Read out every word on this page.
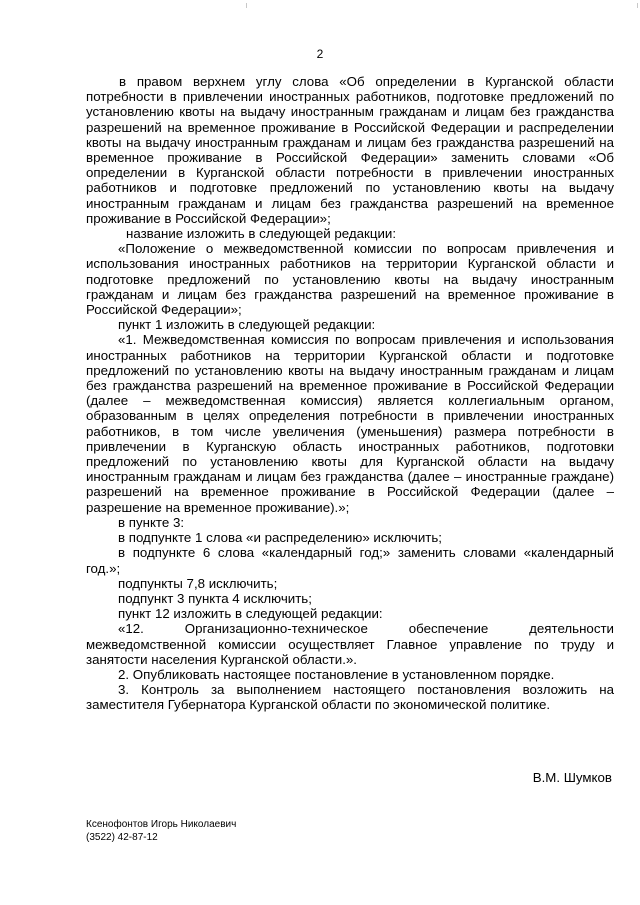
2

в правом верхнем углу слова «Об определении в Курганской области потребности в привлечении иностранных работников, подготовке предложений по установлению квоты на выдачу иностранным гражданам и лицам без гражданства разрешений на временное проживание в Российской Федерации и распределении квоты на выдачу иностранным гражданам и лицам без гражданства разрешений на временное проживание в Российской Федерации» заменить словами «Об определении в Курганской области потребности в привлечении иностранных работников и подготовке предложений по установлению квоты на выдачу иностранным гражданам и лицам без гражданства разрешений на временное проживание в Российской Федерации»;

название изложить в следующей редакции:

«Положение о межведомственной комиссии по вопросам привлечения и использования иностранных работников на территории Курганской области и подготовке предложений по установлению квоты на выдачу иностранным гражданам и лицам без гражданства разрешений на временное проживание в Российской Федерации»;

пункт 1 изложить в следующей редакции:

«1. Межведомственная комиссия по вопросам привлечения и использования иностранных работников на территории Курганской области и подготовке предложений по установлению квоты на выдачу иностранным гражданам и лицам без гражданства разрешений на временное проживание в Российской Федерации (далее – межведомственная комиссия) является коллегиальным органом, образованным в целях определения потребности в привлечении иностранных работников, в том числе увеличения (уменьшения) размера потребности в привлечении в Курганскую область иностранных работников, подготовки предложений по установлению квоты для Курганской области на выдачу иностранным гражданам и лицам без гражданства (далее – иностранные граждане) разрешений на временное проживание в Российской Федерации (далее – разрешение на временное проживание).»;

в пункте 3:

в подпункте 1 слова «и распределению» исключить;

в подпункте 6 слова «календарный год;» заменить словами «календарный год.»;

подпункты 7,8 исключить;

подпункт 3 пункта 4 исключить;

пункт 12 изложить в следующей редакции:

«12. Организационно-техническое обеспечение деятельности межведомственной комиссии осуществляет Главное управление по труду и занятости населения Курганской области.».

2. Опубликовать настоящее постановление в установленном порядке.

3. Контроль за выполнением настоящего постановления возложить на заместителя Губернатора Курганской области по экономической политике.

В.М. Шумков
Ксенофонтов Игорь Николаевич
(3522) 42-87-12
